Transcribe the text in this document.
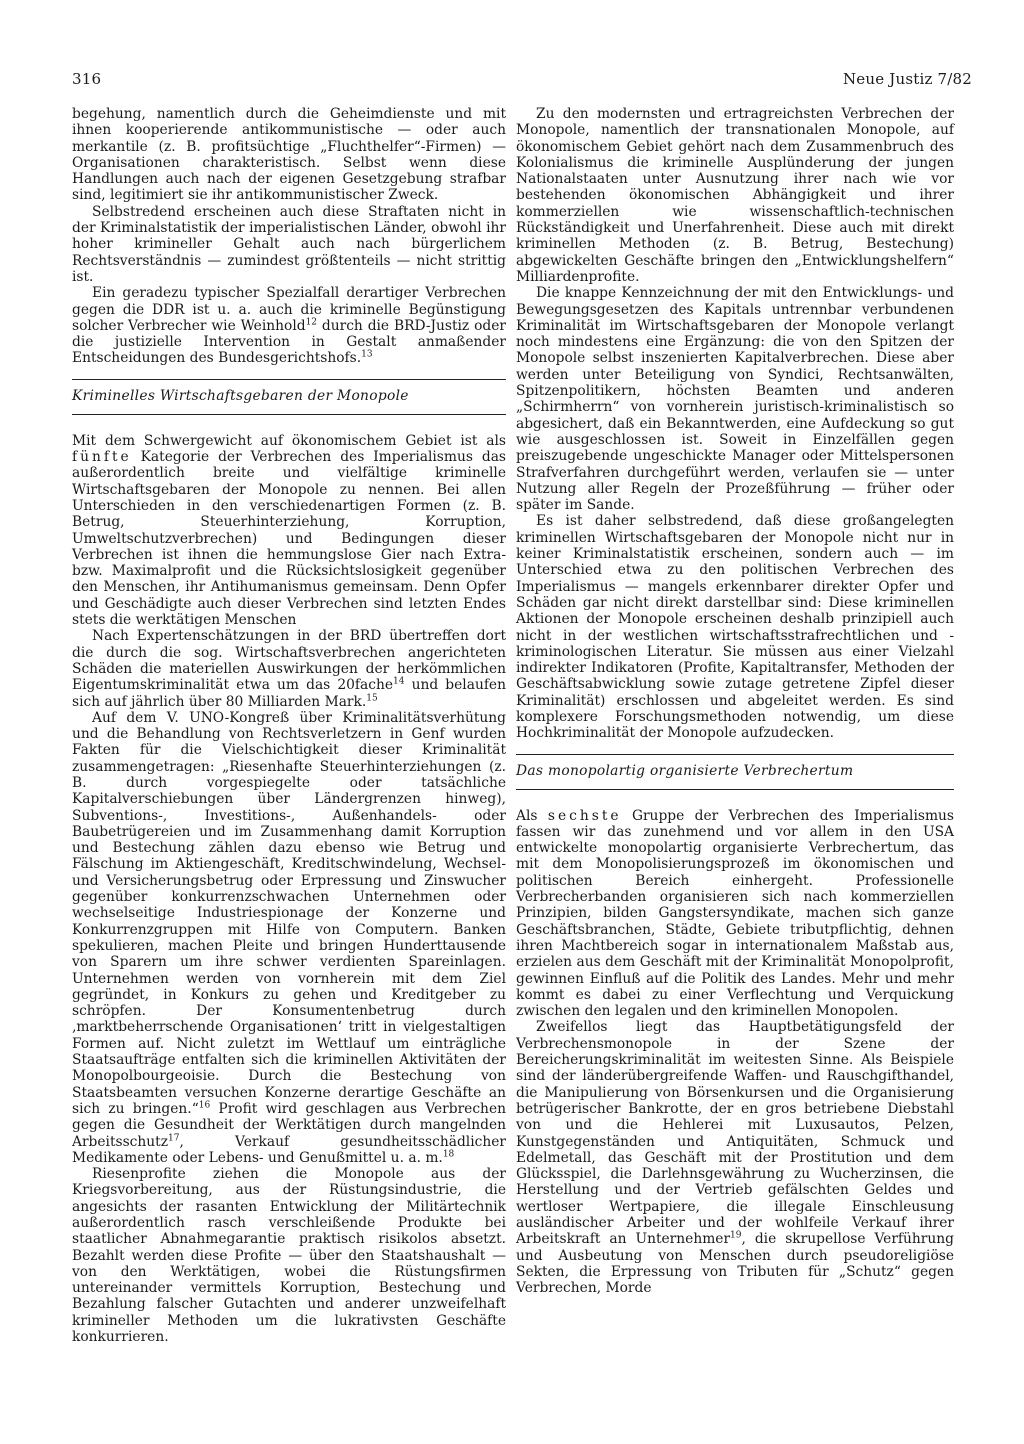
316	Neue Justiz 7/82

begehung, namentlich durch die Geheimdienste und mit ihnen kooperierende antikommunistische — oder auch merkantile (z. B. profitsüchtige „Fluchthelfer“-Firmen) — Organisationen charakteristisch. Selbst wenn diese Handlungen auch nach der eigenen Gesetzgebung strafbar sind, legitimiert sie ihr antikommunistischer Zweck.

Selbstredend erscheinen auch diese Straftaten nicht in der Kriminalstatistik der imperialistischen Länder, obwohl ihr hoher krimineller Gehalt auch nach bürgerlichem Rechtsverständnis — zumindest größtenteils — nicht strittig ist.

Ein geradezu typischer Spezialfall derartiger Verbrechen gegen die DDR ist u. a. auch die kriminelle Begünstigung solcher Verbrecher wie Weinhold$^{12}$ durch die BRD-Justiz oder die justizielle Intervention in Gestalt anmaßender Entscheidungen des Bundesgerichtshofs.$^{13}$

Kriminelles Wirtschaftsgebaren der Monopole

Mit dem Schwergewicht auf ökonomischem Gebiet ist als fünfte Kategorie der Verbrechen des Imperialismus das außerordentlich breite und vielfältige kriminelle Wirtschaftsgebaren der Monopole zu nennen. Bei allen Unterschieden in den verschiedenartigen Formen (z. B. Betrug, Steuerhinterziehung, Korruption, Umweltschutzverbrechen) und Bedingungen dieser Verbrechen ist ihnen die hemmungslose Gier nach Extra- bzw. Maximalprofit und die Rücksichtslosigkeit gegenüber den Menschen, ihr Antihumanismus gemeinsam. Denn Opfer und Geschädigte auch dieser Verbrechen sind letzten Endes stets die werktätigen Menschen

Nach Expertenschätzungen in der BRD übertreffen dort die durch die sog. Wirtschaftsverbrechen angerichteten Schäden die materiellen Auswirkungen der herkömmlichen Eigentumskriminalität etwa um das 20fache$^{14}$ und belaufen sich auf jährlich über 80 Milliarden Mark.$^{15}$

Auf dem V. UNO-Kongreß über Kriminalitätsverhütung und die Behandlung von Rechtsverletzern in Genf wurden Fakten für die Vielschichtigkeit dieser Kriminalität zusammengetragen: „Riesenhafte Steuerhinterziehungen (z. B. durch vorgespiegelte oder tatsächliche Kapitalverschiebungen über Ländergrenzen hinweg), Subventions-, Investitions-, Außenhandels- oder Baubetrügereien und im Zusammenhang damit Korruption und Bestechung zählen dazu ebenso wie Betrug und Fälschung im Aktiengeschäft, Kreditschwindelung, Wechsel- und Versicherungsbetrug oder Erpressung und Zinswucher gegenüber konkurrenzschwachen Unternehmen oder wechselseitige Industriespionage der Konzerne und Konkurrenzgruppen mit Hilfe von Computern. Banken spekulieren, machen Pleite und bringen Hunderttausende von Sparern um ihre schwer verdienten Spareinlagen. Unternehmen werden von vornherein mit dem Ziel gegründet, in Konkurs zu gehen und Kreditgeber zu schröpfen. Der Konsumentenbetrug durch ‚marktbeherrschende Organisationen‘ tritt in vielgestaltigen Formen auf. Nicht zuletzt im Wettlauf um einträgliche Staatsaufträge entfalten sich die kriminellen Aktivitäten der Monopolbourgeoisie. Durch die Bestechung von Staatsbeamten versuchen Konzerne derartige Geschäfte an sich zu bringen.“$^{16}$ Profit wird geschlagen aus Verbrechen gegen die Gesundheit der Werktätigen durch mangelnden Arbeitsschutz$^{17}$, Verkauf gesundheitsschädlicher Medikamente oder Lebens- und Genußmittel u. a. m.$^{18}$

Riesenprofite ziehen die Monopole aus der Kriegsvorbereitung, aus der Rüstungsindustrie, die angesichts der rasanten Entwicklung der Militärtechnik außerordentlich rasch verschleißende Produkte bei staatlicher Abnahmegarantie praktisch risikolos absetzt. Bezahlt werden diese Profite — über den Staatshaushalt — von den Werktätigen, wobei die Rüstungsfirmen untereinander vermittels Korruption, Bestechung und Bezahlung falscher Gutachten und anderer unzweifelhaft krimineller Methoden um die lukrativsten Geschäfte konkurrieren.

Zu den modernsten und ertragreichsten Verbrechen der Monopole, namentlich der transnationalen Monopole, auf ökonomischem Gebiet gehört nach dem Zusammenbruch des Kolonialismus die kriminelle Ausplünderung der jungen Nationalstaaten unter Ausnutzung ihrer nach wie vor bestehenden ökonomischen Abhängigkeit und ihrer kommerziellen wie wissenschaftlich-technischen Rückständigkeit und Unerfahrenheit. Diese auch mit direkt kriminellen Methoden (z. B. Betrug, Bestechung) abgewickelten Geschäfte bringen den „Entwicklungshelfern“ Milliardenprofite.

Die knappe Kennzeichnung der mit den Entwicklungs- und Bewegungsgesetzen des Kapitals untrennbar verbundenen Kriminalität im Wirtschaftsgebaren der Monopole verlangt noch mindestens eine Ergänzung: die von den Spitzen der Monopole selbst inszenierten Kapitalverbrechen. Diese aber werden unter Beteiligung von Syndici, Rechtsanwälten, Spitzenpolitikern, höchsten Beamten und anderen „Schirmherrn“ von vornherein juristisch-kriminalistisch so abgesichert, daß ein Bekanntwerden, eine Aufdeckung so gut wie ausgeschlossen ist. Soweit in Einzelfällen gegen preiszugebende ungeschickte Manager oder Mittelspersonen Strafverfahren durchgeführt werden, verlaufen sie — unter Nutzung aller Regeln der Prozeßführung — früher oder später im Sande.

Es ist daher selbstredend, daß diese großangelegten kriminellen Wirtschaftsgebaren der Monopole nicht nur in keiner Kriminalstatistik erscheinen, sondern auch — im Unterschied etwa zu den politischen Verbrechen des Imperialismus — mangels erkennbarer direkter Opfer und Schäden gar nicht direkt darstellbar sind: Diese kriminellen Aktionen der Monopole erscheinen deshalb prinzipiell auch nicht in der westlichen wirtschaftsstrafrechtlichen und -kriminologischen Literatur. Sie müssen aus einer Vielzahl indirekter Indikatoren (Profite, Kapitaltransfer, Methoden der Geschäftsabwicklung sowie zutage getretene Zipfel dieser Kriminalität) erschlossen und abgeleitet werden. Es sind komplexere Forschungsmethoden notwendig, um diese Hochkriminalität der Monopole aufzudecken.

Das monopolartig organisierte Verbrechertum

Als sechste Gruppe der Verbrechen des Imperialismus fassen wir das zunehmend und vor allem in den USA entwickelte monopolartig organisierte Verbrechertum, das mit dem Monopolisierungsprozeß im ökonomischen und politischen Bereich einhergeht. Professionelle Verbrecherbanden organisieren sich nach kommerziellen Prinzipien, bilden Gangstersyndikate, machen sich ganze Geschäftsbranchen, Städte, Gebiete tributpflichtig, dehnen ihren Machtbereich sogar in internationalem Maßstab aus, erzielen aus dem Geschäft mit der Kriminalität Monopolprofit, gewinnen Einfluß auf die Politik des Landes. Mehr und mehr kommt es dabei zu einer Verflechtung und Verquickung zwischen den legalen und den kriminellen Monopolen.

Zweifellos liegt das Hauptbetätigungsfeld der Verbrechensmonopole in der Szene der Bereicherungskriminalität im weitesten Sinne. Als Beispiele sind der länderübergreifende Waffen- und Rauschgifthandel, die Manipulierung von Börsenkursen und die Organisierung betrügerischer Bankrotte, der en gros betriebene Diebstahl von und die Hehlerei mit Luxusautos, Pelzen, Kunstgegenständen und Antiquitäten, Schmuck und Edelmetall, das Geschäft mit der Prostitution und dem Glücksspiel, die Darlehnsgewährung zu Wucherzinsen, die Herstellung und der Vertrieb gefälschten Geldes und wertloser Wertpapiere, die illegale Einschleusung ausländischer Arbeiter und der wohlfeile Verkauf ihrer Arbeitskraft an Unternehmer$^{19}$, die skrupellose Verführung und Ausbeutung von Menschen durch pseudoreligiöse Sekten, die Erpressung von Tributen für „Schutz“ gegen Verbrechen, Morde
